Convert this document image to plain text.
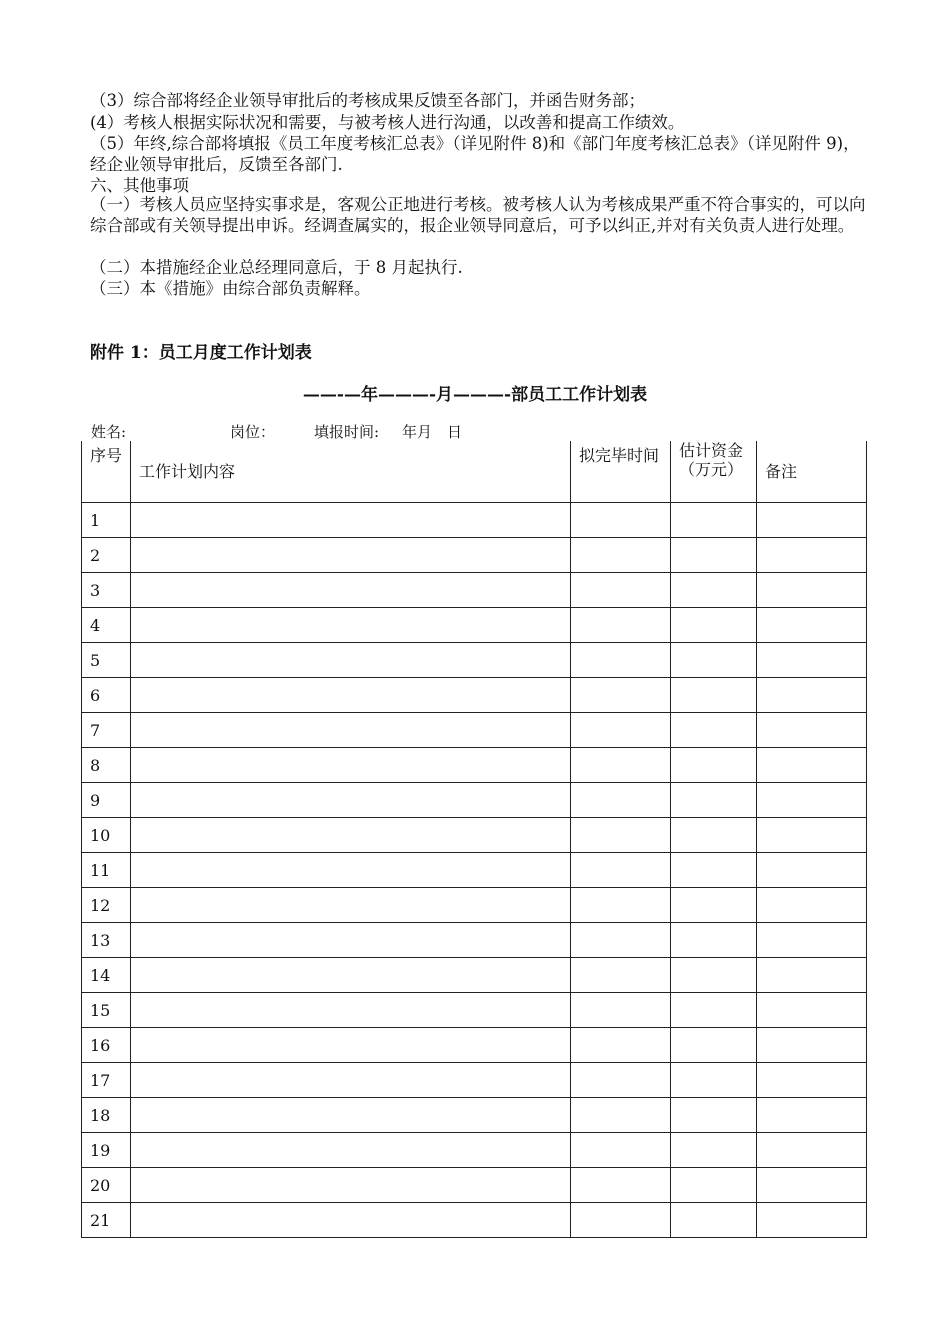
（3）综合部将经企业领导审批后的考核成果反馈至各部门，并函告财务部；

(4）考核人根据实际状况和需要，与被考核人进行沟通，以改善和提高工作绩效。

（5）年终,综合部将填报《员工年度考核汇总表》（详见附件 8)和《部门年度考核汇总表》（详见附件 9)，经企业领导审批后，反馈至各部门.

六、其他事项

（一）考核人员应坚持实事求是，客观公正地进行考核。被考核人认为考核成果严重不符合事实的，可以向综合部或有关领导提出申诉。经调查属实的，报企业领导同意后，可予以纠正,并对有关负责人进行处理。

（二）本措施经企业总经理同意后，于 8 月起执行.

（三）本《措施》由综合部负责解释。

附件 1：员工月度工作计划表

——-—年———-月———-部员工工作计划表
姓名:	岗位：	填报时间: 年月　日
序号	工作计划内容	拟完毕时间	估计资金（万元）	备注
1				
2				
3				
4				
5				
6				
7				
8				
9				
10				
11				
12				
13				
14				
15				
16				
17				
18				
19				
20				
21				
